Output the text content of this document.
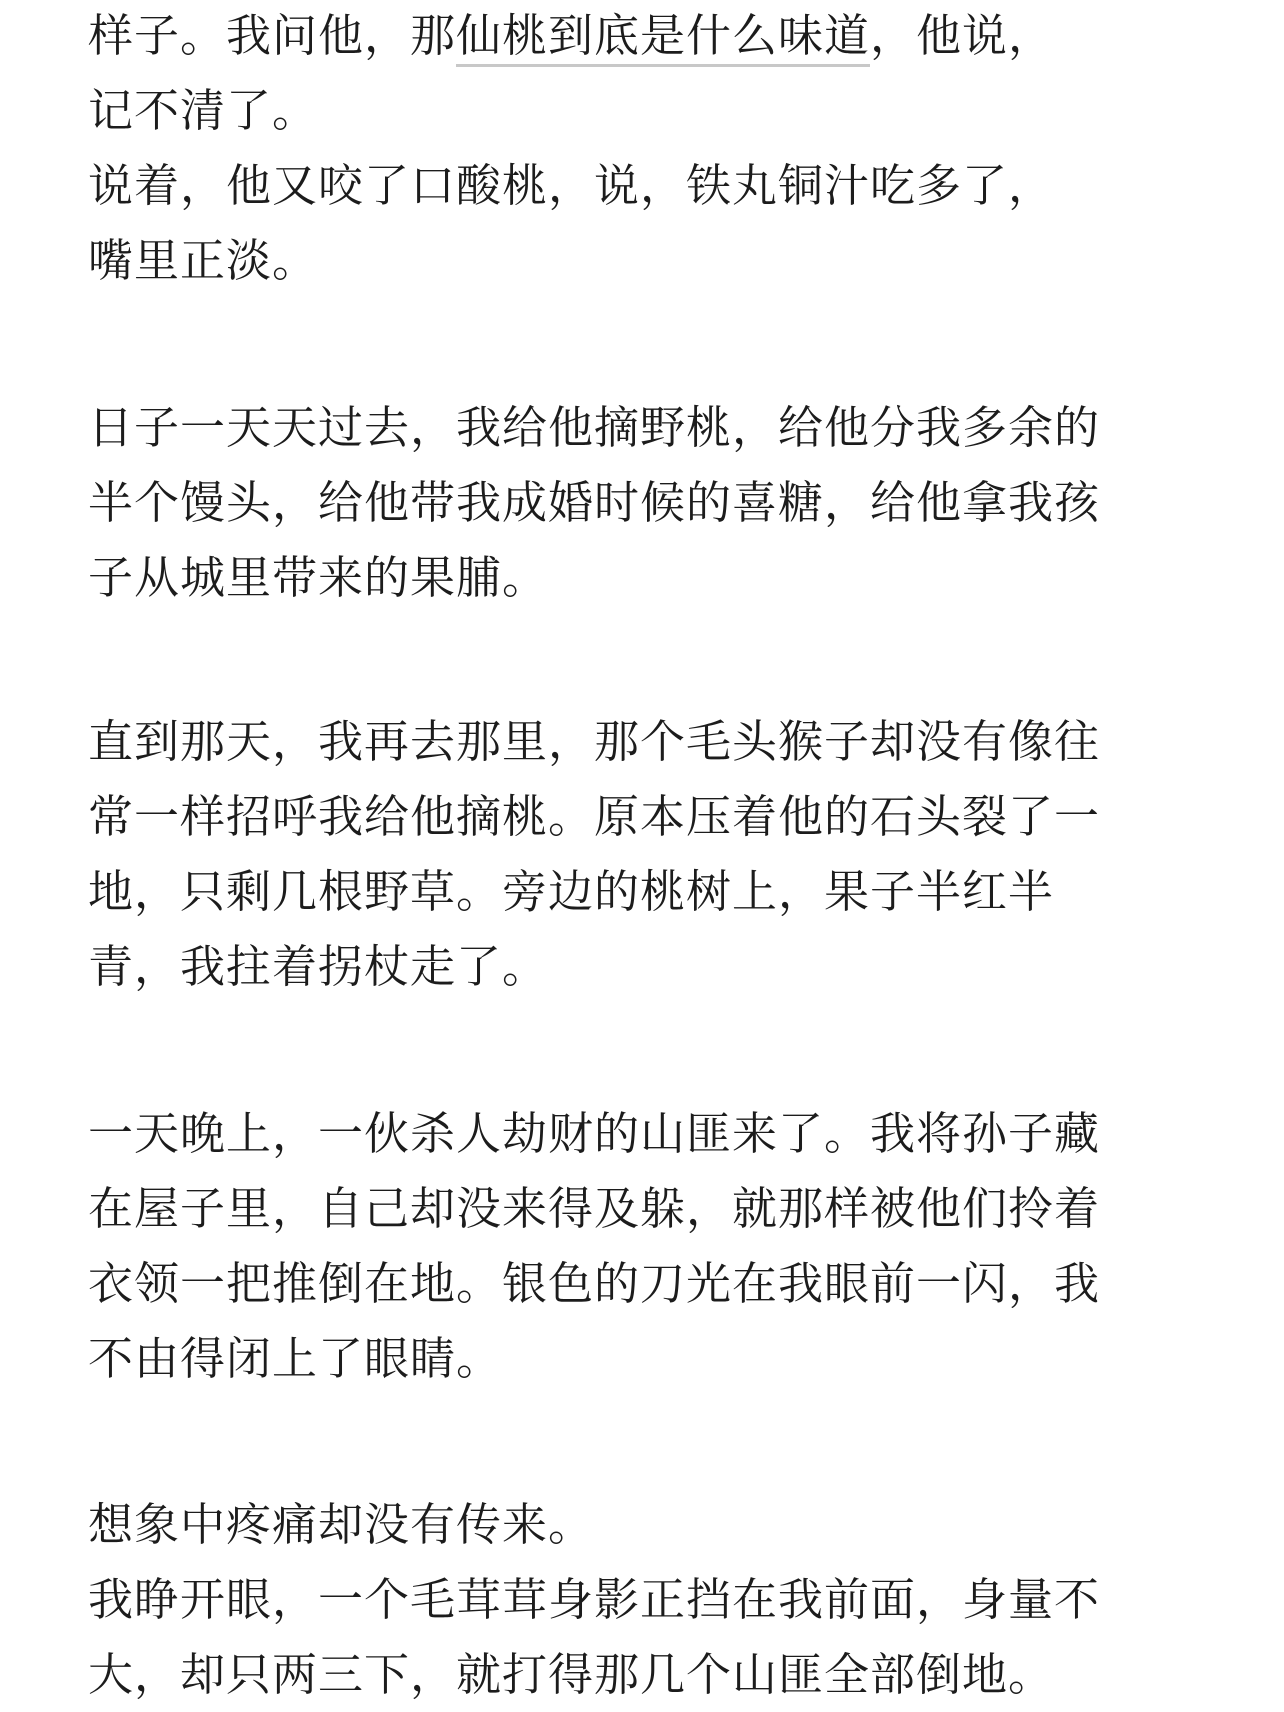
样子。我问他，那仙桃到底是什么味道，他说，
记不清了。
说着，他又咬了口酸桃，说，铁丸铜汁吃多了，
嘴里正淡。
日子一天天过去，我给他摘野桃，给他分我多余的
半个馒头，给他带我成婚时候的喜糖，给他拿我孩
子从城里带来的果脯。
直到那天，我再去那里，那个毛头猴子却没有像往
常一样招呼我给他摘桃。原本压着他的石头裂了一
地，只剩几根野草。旁边的桃树上，果子半红半
青，我拄着拐杖走了。
一天晚上，一伙杀人劫财的山匪来了。我将孙子藏
在屋子里，自己却没来得及躲，就那样被他们拎着
衣领一把推倒在地。银色的刀光在我眼前一闪，我
不由得闭上了眼睛。
想象中疼痛却没有传来。
我睁开眼，一个毛茸茸身影正挡在我前面，身量不
大，却只两三下，就打得那几个山匪全部倒地。
